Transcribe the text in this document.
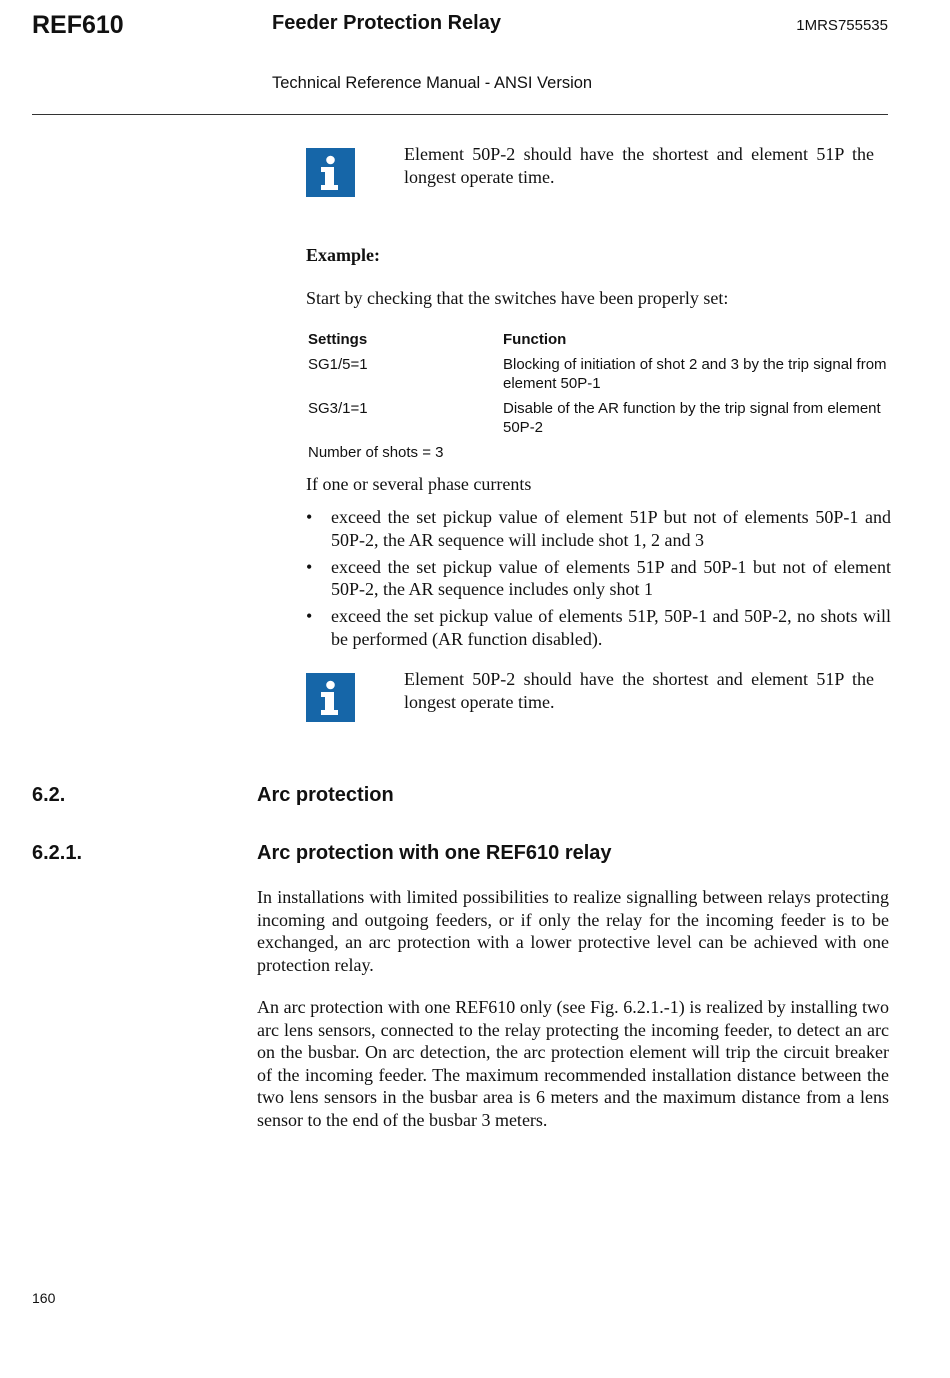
REF610	Feeder Protection Relay	1MRS755535
Technical Reference Manual - ANSI Version
Element 50P-2 should have the shortest and element 51P the longest operate time.
Example:
Start by checking that the switches have been properly set:
Settings	Function
SG1/5=1	Blocking of initiation of shot 2 and 3 by the trip signal from element 50P-1
SG3/1=1	Disable of the AR function by the trip signal from element 50P-2
Number of shots = 3
If one or several phase currents
• exceed the set pickup value of element 51P but not of elements 50P-1 and 50P-2, the AR sequence will include shot 1, 2 and 3
• exceed the set pickup value of elements 51P and 50P-1 but not of element 50P-2, the AR sequence includes only shot 1
• exceed the set pickup value of elements 51P, 50P-1 and 50P-2, no shots will be performed (AR function disabled).
Element 50P-2 should have the shortest and element 51P the longest operate time.
6.2.	Arc protection
6.2.1.	Arc protection with one REF610 relay
In installations with limited possibilities to realize signalling between relays protecting incoming and outgoing feeders, or if only the relay for the incoming feeder is to be exchanged, an arc protection with a lower protective level can be achieved with one protection relay.
An arc protection with one REF610 only (see Fig. 6.2.1.-1) is realized by installing two arc lens sensors, connected to the relay protecting the incoming feeder, to detect an arc on the busbar. On arc detection, the arc protection element will trip the circuit breaker of the incoming feeder. The maximum recommended installation distance between the two lens sensors in the busbar area is 6 meters and the maximum distance from a lens sensor to the end of the busbar 3 meters.
160
